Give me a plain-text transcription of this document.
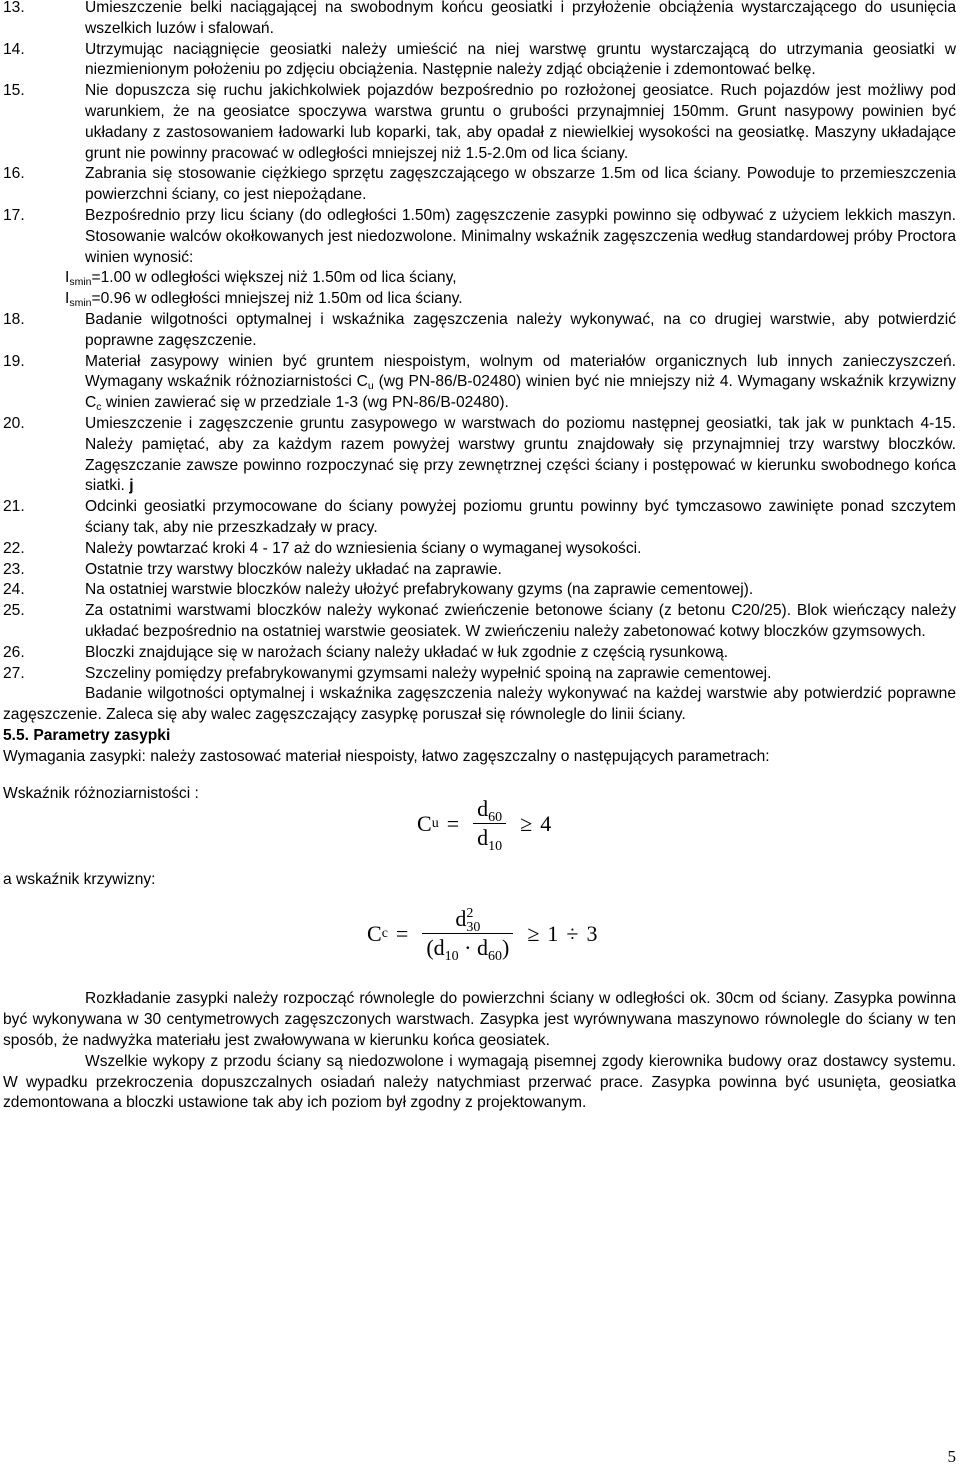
13.	Umieszczenie belki naciągającej na swobodnym końcu geosiatki i przyłożenie obciążenia wystarczającego do usunięcia wszelkich luzów i sfalowań.
14.	Utrzymując naciągnięcie geosiatki należy umieścić na niej warstwę gruntu wystarczającą do utrzymania geosiatki w niezmienionym położeniu po zdjęciu obciążenia. Następnie należy zdjąć obciążenie i zdemontować belkę.
15.	Nie dopuszcza się ruchu jakichkolwiek pojazdów bezpośrednio po rozłożonej geosiatce. Ruch pojazdów jest możliwy pod warunkiem, że na geosiatce spoczywa warstwa gruntu o grubości przynajmniej 150mm. Grunt nasypowy powinien być układany z zastosowaniem ładowarki lub koparki, tak, aby opadał z niewielkiej wysokości na geosiatkę. Maszyny układające grunt nie powinny pracować w odległości mniejszej niż 1.5-2.0m od lica ściany.
16.	Zabrania się stosowanie ciężkiego sprzętu zagęszczającego w obszarze 1.5m od lica ściany. Powoduje to przemieszczenia powierzchni ściany, co jest niepożądane.
17.	Bezpośrednio przy licu ściany (do odległości 1.50m) zagęszczenie zasypki powinno się odbywać z użyciem lekkich maszyn. Stosowanie walców okołkowanych jest niedozwolone. Minimalny wskaźnik zagęszczenia według standardowej próby Proctora winien wynosić:
$I_{smin}=1.00$ w odległości większej niż 1.50m od lica ściany,
$I_{smin}=0.96$ w odległości mniejszej niż 1.50m od lica ściany.
18.	Badanie wilgotności optymalnej i wskaźnika zagęszczenia należy wykonywać, na co drugiej warstwie, aby potwierdzić poprawne zagęszczenie.
19.	Materiał zasypowy winien być gruntem niespoistym, wolnym od materiałów organicznych lub innych zanieczyszczeń. Wymagany wskaźnik różnoziarnistości $C_u$ (wg PN-86/B-02480) winien być nie mniejszy niż 4. Wymagany wskaźnik krzywizny $C_c$ winien zawierać się w przedziale 1-3 (wg PN-86/B-02480).
20.	Umieszczenie i zagęszczenie gruntu zasypowego w warstwach do poziomu następnej geosiatki, tak jak w punktach 4-15. Należy pamiętać, aby za każdym razem powyżej warstwy gruntu znajdowały się przynajmniej trzy warstwy bloczków. Zagęszczanie zawsze powinno rozpoczynać się przy zewnętrznej części ściany i postępować w kierunku swobodnego końca siatki. j
21.	Odcinki geosiatki przymocowane do ściany powyżej poziomu gruntu powinny być tymczasowo zawinięte ponad szczytem ściany tak, aby nie przeszkadzały w pracy.
22.	Należy powtarzać kroki 4 - 17 aż do wzniesienia ściany o wymaganej wysokości.
23.	Ostatnie trzy warstwy bloczków należy układać na zaprawie.
24.	Na ostatniej warstwie bloczków należy ułożyć prefabrykowany gzyms (na zaprawie cementowej).
25.	Za ostatnimi warstwami bloczków należy wykonać zwieńczenie betonowe ściany (z betonu C20/25). Blok wieńczący należy układać bezpośrednio na ostatniej warstwie geosiatek. W zwieńczeniu należy zabetonować kotwy bloczków gzymsowych.
26.	Bloczki znajdujące się w narożach ściany należy układać w łuk zgodnie z częścią rysunkową.
27.	Szczeliny pomiędzy prefabrykowanymi gzymsami należy wypełnić spoiną na zaprawie cementowej.

Badanie wilgotności optymalnej i wskaźnika zagęszczenia należy wykonywać na każdej warstwie aby potwierdzić poprawne zagęszczenie. Zaleca się aby walec zagęszczający zasypkę poruszał się równolegle do linii ściany.

5.5. Parametry zasypki

Wymagania zasypki: należy zastosować materiał niespoisty, łatwo zagęszczalny o następujących parametrach:

Wskaźnik różnoziarnistości :
C $u = \frac{d_{60}}{d_{10}} \ge 4$
a wskaźnik krzywizny:
C $c = \frac{d^2_{30}}{(d_{10} \cdot d_{60})} \ge 1 \div 3$

Rozkładanie zasypki należy rozpocząć równolegle do powierzchni ściany w odległości ok. 30cm od ściany. Zasypka powinna być wykonywana w 30 centymetrowych zagęszczonych warstwach. Zasypka jest wyrównywana maszynowo równolegle do ściany w ten sposób, że nadwyżka materiału jest zwałowywana w kierunku końca geosiatek.

Wszelkie wykopy z przodu ściany są niedozwolone i wymagają pisemnej zgody kierownika budowy oraz dostawcy systemu. W wypadku przekroczenia dopuszczalnych osiadań należy natychmiast przerwać prace. Zasypka powinna być usunięta, geosiatka zdemontowana a bloczki ustawione tak aby ich poziom był zgodny z projektowanym.

5
